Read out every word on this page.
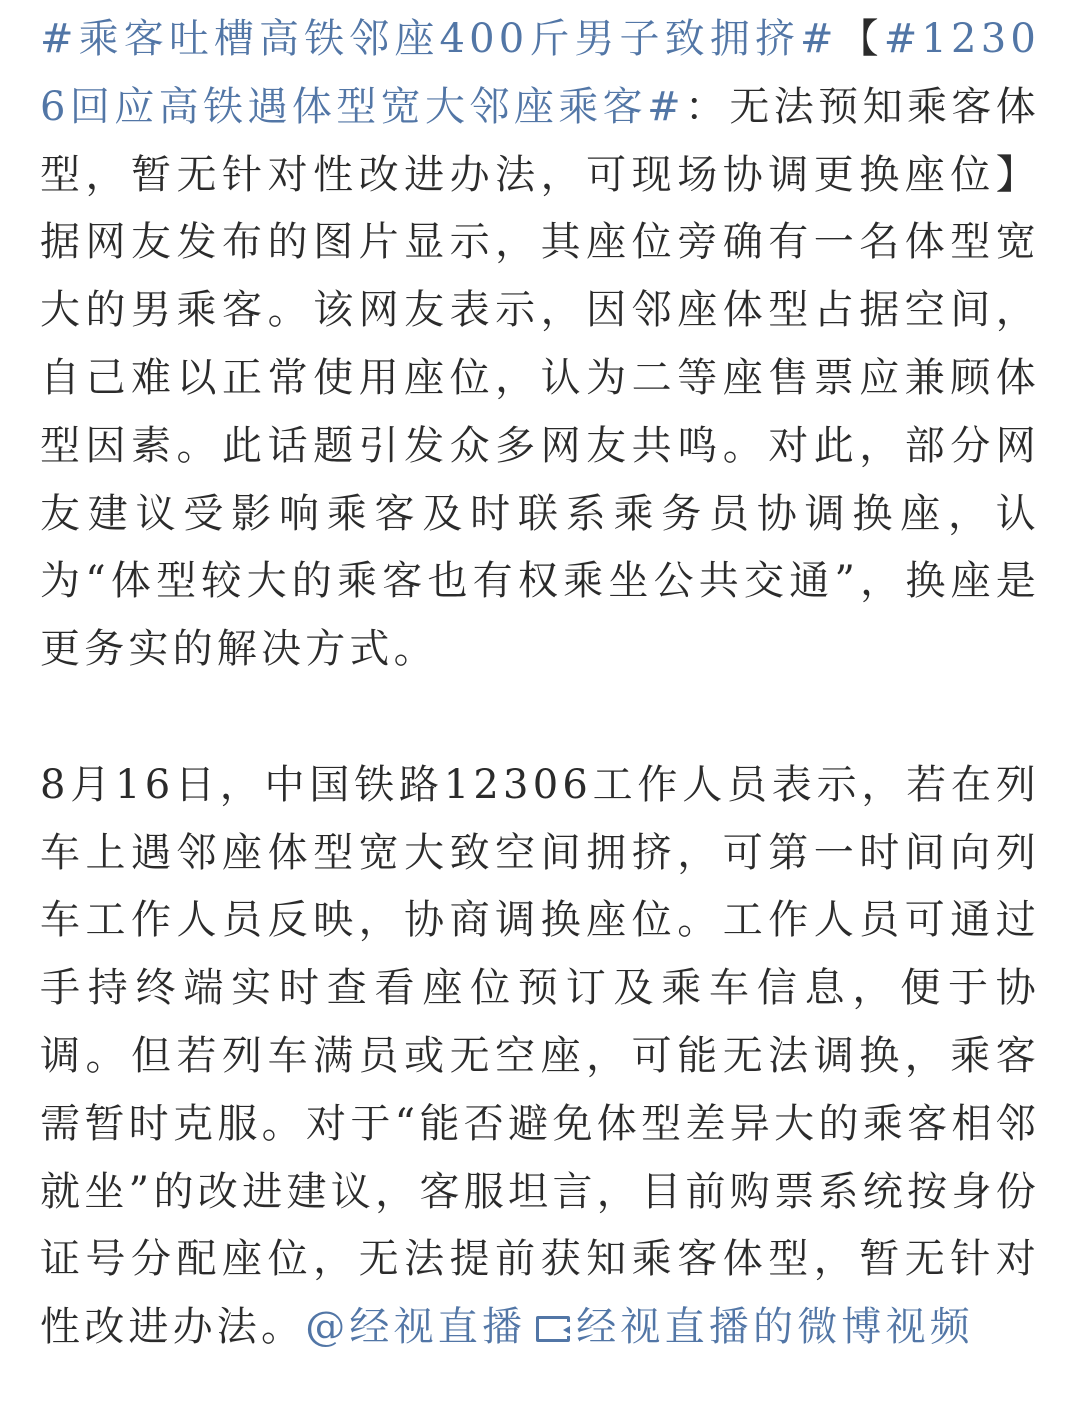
#乘客吐槽高铁邻座400斤男子致拥挤#【#12306回应高铁遇体型宽大邻座乘客#：无法预知乘客体型，暂无针对性改进办法，可现场协调更换座位】据网友发布的图片显示，其座位旁确有一名体型宽大的男乘客。该网友表示，因邻座体型占据空间，自己难以正常使用座位，认为二等座售票应兼顾体型因素。此话题引发众多网友共鸣。对此，部分网友建议受影响乘客及时联系乘务员协调换座，认为“体型较大的乘客也有权乘坐公共交通”，换座是更务实的解决方式。

8月16日，中国铁路12306工作人员表示，若在列车上遇邻座体型宽大致空间拥挤，可第一时间向列车工作人员反映，协商调换座位。工作人员可通过手持终端实时查看座位预订及乘车信息，便于协调。但若列车满员或无空座，可能无法调换，乘客需暂时克服。对于“能否避免体型差异大的乘客相邻就坐”的改进建议，客服坦言，目前购票系统按身份证号分配座位，无法提前获知乘客体型，暂无针对性改进办法。@经视直播 经视直播的微博视频
